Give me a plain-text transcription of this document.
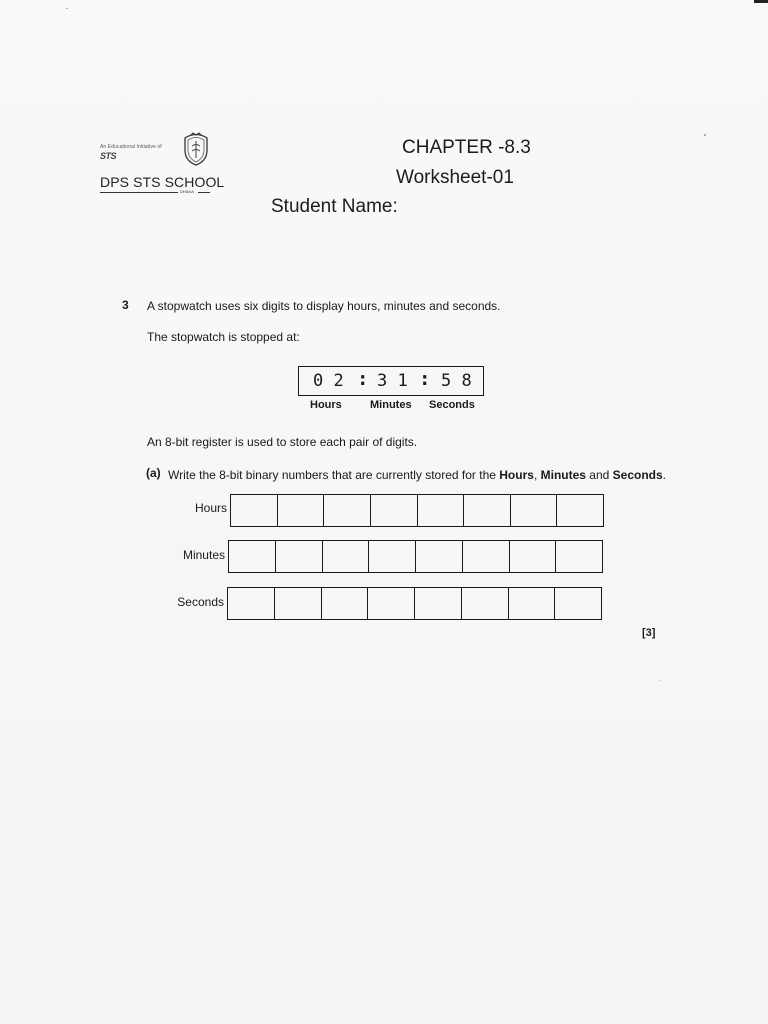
An Educational Initiative of
STS
DPS STS SCHOOL
DHAKA
CHAPTER -8.3
Worksheet-01
Student Name:
3 A stopwatch uses six digits to display hours, minutes and seconds.
The stopwatch is stopped at:
0 2 : 3 1 : 5 8
Hours	Minutes Seconds
An 8-bit register is used to store each pair of digits.
(a) Write the 8-bit binary numbers that are currently stored for the Hours, Minutes and Seconds.
Hours
Minutes
Seconds
[3]
